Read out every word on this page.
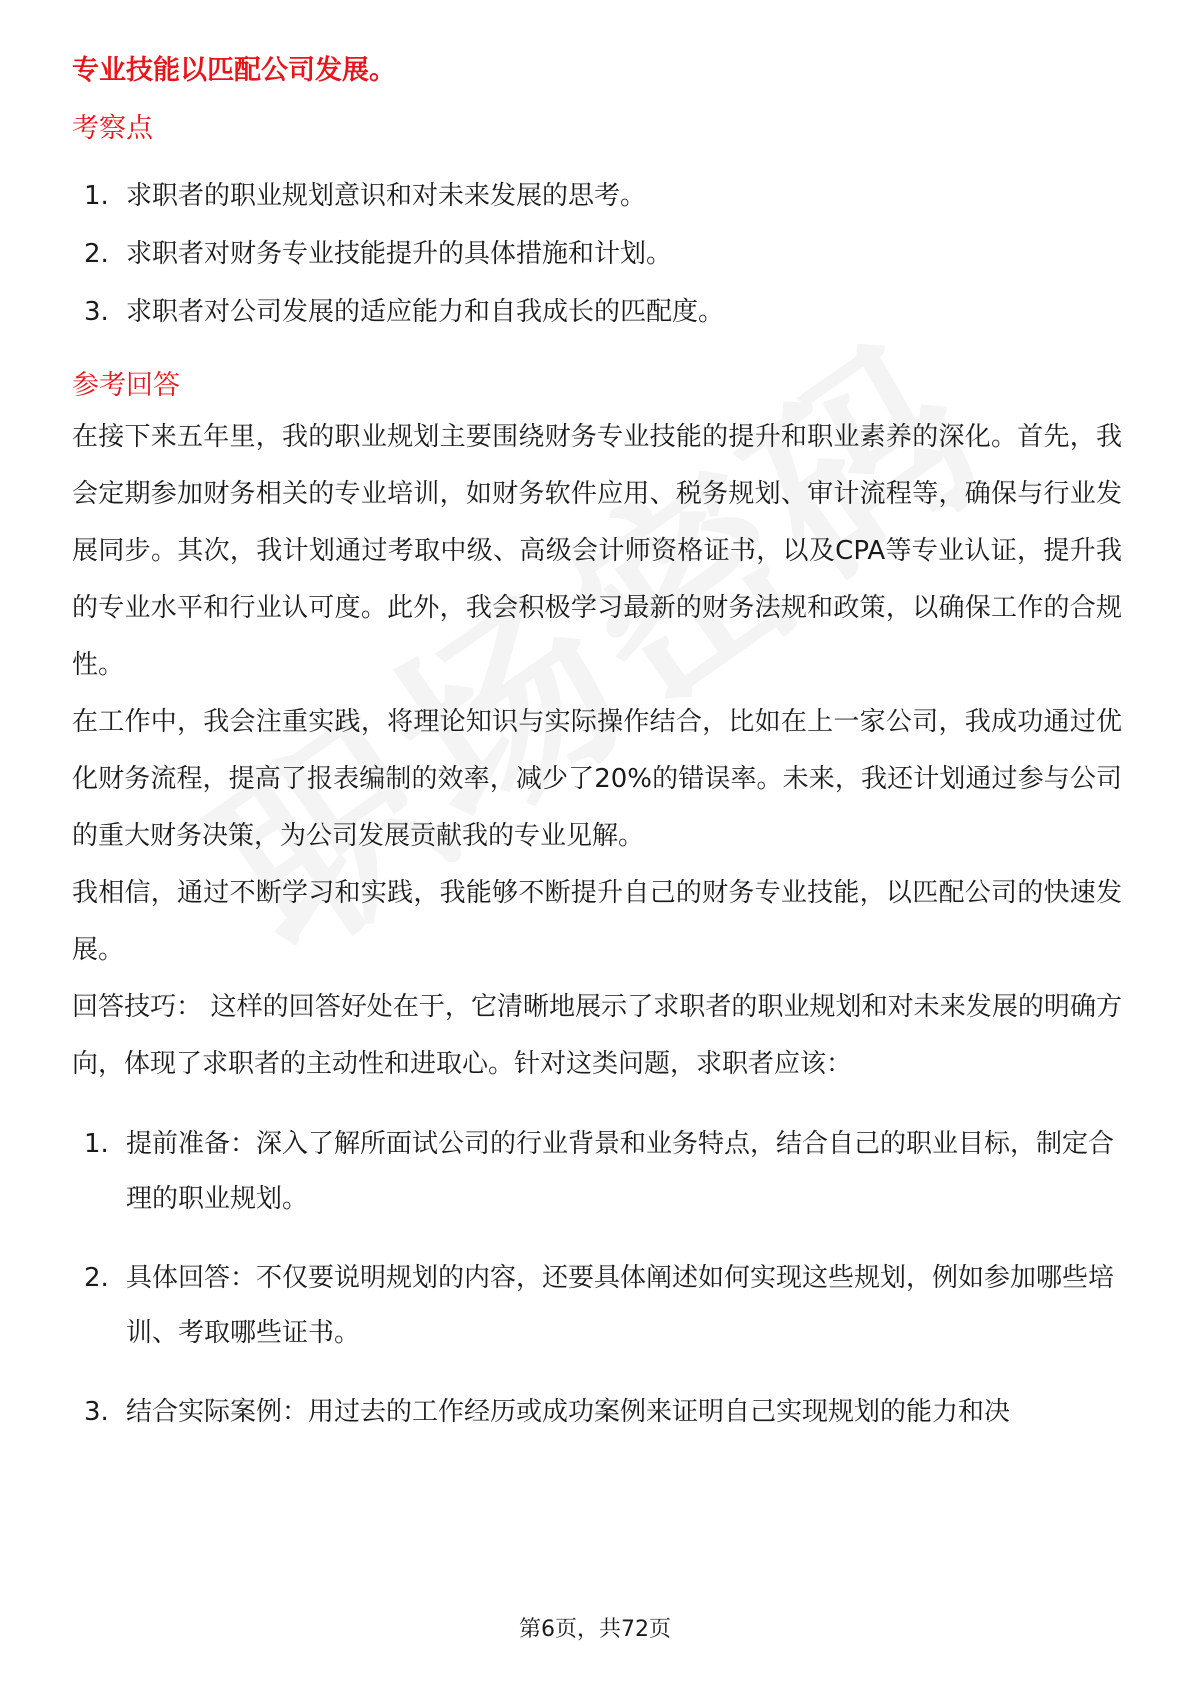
专业技能以匹配公司发展。

考察点
1. 求职者的职业规划意识和对未来发展的思考。
2. 求职者对财务专业技能提升的具体措施和计划。
3. 求职者对公司发展的适应能力和自我成长的匹配度。
参考回答

在接下来五年里，我的职业规划主要围绕财务专业技能的提升和职业素养的深化。首先，我会定期参加财务相关的专业培训，如财务软件应用、税务规划、审计流程等，确保与行业发展同步。其次，我计划通过考取中级、高级会计师资格证书，以及CPA等专业认证，提升我的专业水平和行业认可度。此外，我会积极学习最新的财务法规和政策，以确保工作的合规性。

在工作中，我会注重实践，将理论知识与实际操作结合，比如在上一家公司，我成功通过优化财务流程，提高了报表编制的效率，减少了20%的错误率。未来，我还计划通过参与公司的重大财务决策，为公司发展贡献我的专业见解。

我相信，通过不断学习和实践，我能够不断提升自己的财务专业技能，以匹配公司的快速发展。

回答技巧： 这样的回答好处在于，它清晰地展示了求职者的职业规划和对未来发展的明确方向，体现了求职者的主动性和进取心。针对这类问题，求职者应该：

1. 提前准备：深入了解所面试公司的行业背景和业务特点，结合自己的职业目标，制定合理的职业规划。
2. 具体回答：不仅要说明规划的内容，还要具体阐述如何实现这些规划，例如参加哪些培训、考取哪些证书。
3. 结合实际案例：用过去的工作经历或成功案例来证明自己实现规划的能力和决
第6页，共72页
